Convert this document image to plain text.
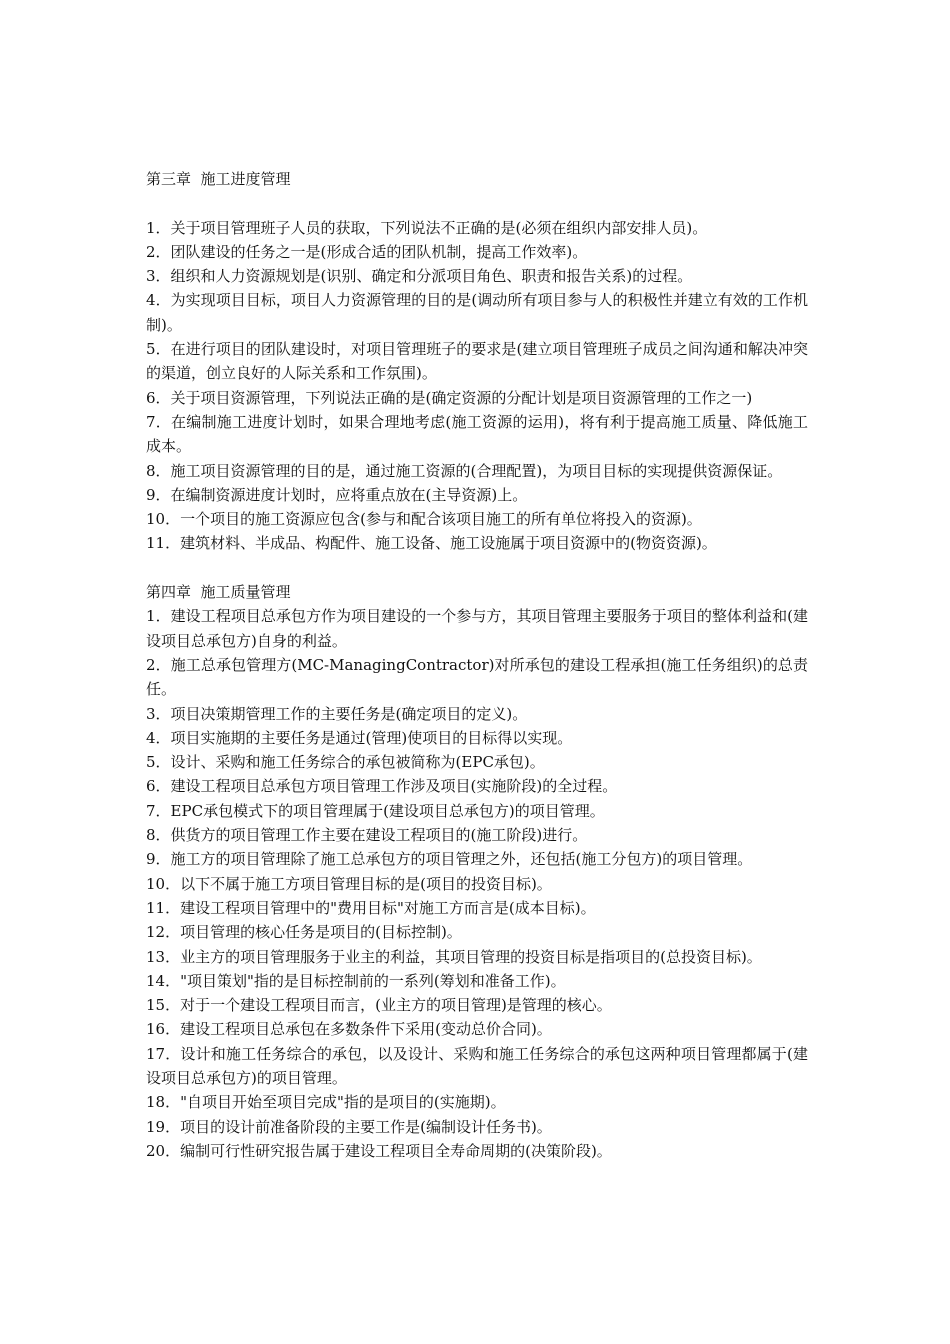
第三章  施工进度管理

1．关于项目管理班子人员的获取，下列说法不正确的是(必须在组织内部安排人员)。

2．团队建设的任务之一是(形成合适的团队机制，提高工作效率)。

3．组织和人力资源规划是(识别、确定和分派项目角色、职责和报告关系)的过程。

4．为实现项目目标，项目人力资源管理的目的是(调动所有项目参与人的积极性并建立有效的工作机制)。

5．在进行项目的团队建设时，对项目管理班子的要求是(建立项目管理班子成员之间沟通和解决冲突的渠道，创立良好的人际关系和工作氛围)。

6．关于项目资源管理，下列说法正确的是(确定资源的分配计划是项目资源管理的工作之一)

7．在编制施工进度计划时，如果合理地考虑(施工资源的运用)，将有利于提高施工质量、降低施工成本。

8．施工项目资源管理的目的是，通过施工资源的(合理配置)，为项目目标的实现提供资源保证。

9．在编制资源进度计划时，应将重点放在(主导资源)上。

10．一个项目的施工资源应包含(参与和配合该项目施工的所有单位将投入的资源)。

11．建筑材料、半成品、构配件、施工设备、施工设施属于项目资源中的(物资资源)。

第四章  施工质量管理

1．建设工程项目总承包方作为项目建设的一个参与方，其项目管理主要服务于项目的整体利益和(建设项目总承包方)自身的利益。

2．施工总承包管理方(MC-ManagingContractor)对所承包的建设工程承担(施工任务组织)的总责任。

3．项目决策期管理工作的主要任务是(确定项目的定义)。

4．项目实施期的主要任务是通过(管理)使项目的目标得以实现。

5．设计、采购和施工任务综合的承包被简称为(EPC承包)。

6．建设工程项目总承包方项目管理工作涉及项目(实施阶段)的全过程。

7．EPC承包模式下的项目管理属于(建设项目总承包方)的项目管理。

8．供货方的项目管理工作主要在建设工程项目的(施工阶段)进行。

9．施工方的项目管理除了施工总承包方的项目管理之外，还包括(施工分包方)的项目管理。

10．以下不属于施工方项目管理目标的是(项目的投资目标)。

11．建设工程项目管理中的"费用目标"对施工方而言是(成本目标)。

12．项目管理的核心任务是项目的(目标控制)。

13．业主方的项目管理服务于业主的利益，其项目管理的投资目标是指项目的(总投资目标)。

14．"项目策划"指的是目标控制前的一系列(筹划和准备工作)。

15．对于一个建设工程项目而言，(业主方的项目管理)是管理的核心。

16．建设工程项目总承包在多数条件下采用(变动总价合同)。

17．设计和施工任务综合的承包，以及设计、采购和施工任务综合的承包这两种项目管理都属于(建设项目总承包方)的项目管理。

18．"自项目开始至项目完成"指的是项目的(实施期)。

19．项目的设计前准备阶段的主要工作是(编制设计任务书)。

20．编制可行性研究报告属于建设工程项目全寿命周期的(决策阶段)。
